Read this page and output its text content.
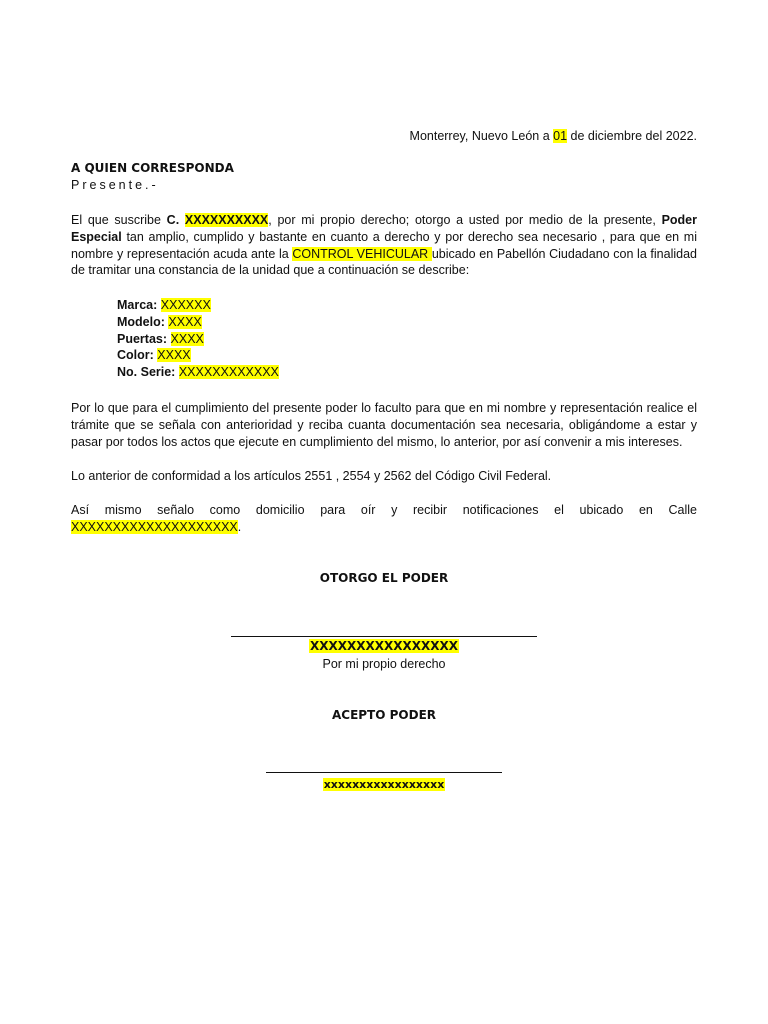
Monterrey, Nuevo León a 01 de diciembre del 2022.
A QUIEN CORRESPONDA
Presente.-
El que suscribe C. XXXXXXXXXX, por mi propio derecho; otorgo a usted por medio de la presente, Poder Especial tan amplio, cumplido y bastante en cuanto a derecho y por derecho sea necesario , para que en mi nombre y representación acuda ante la CONTROL VEHICULAR ubicado en Pabellón Ciudadano con la finalidad de tramitar una constancia de la unidad que a continuación se describe:
Marca: XXXXXX
Modelo: XXXX
Puertas: XXXX
Color: XXXX
No. Serie: XXXXXXXXXXXX
Por lo que para el cumplimiento del presente poder lo faculto para que en mi nombre y representación realice el trámite que se señala con anterioridad y reciba cuanta documentación sea necesaria, obligándome a estar y pasar por todos los actos que ejecute en cumplimiento del mismo, lo anterior, por así convenir a mis intereses.
Lo anterior de conformidad a los artículos 2551 , 2554 y 2562 del Código Civil Federal.
Así mismo señalo como domicilio para oír y recibir notificaciones el ubicado en Calle
XXXXXXXXXXXXXXXXXXXX.
OTORGO EL PODER
XXXXXXXXXXXXXXXX
Por mi propio derecho
ACEPTO PODER
xxxxxxxxxxxxxxxxx
